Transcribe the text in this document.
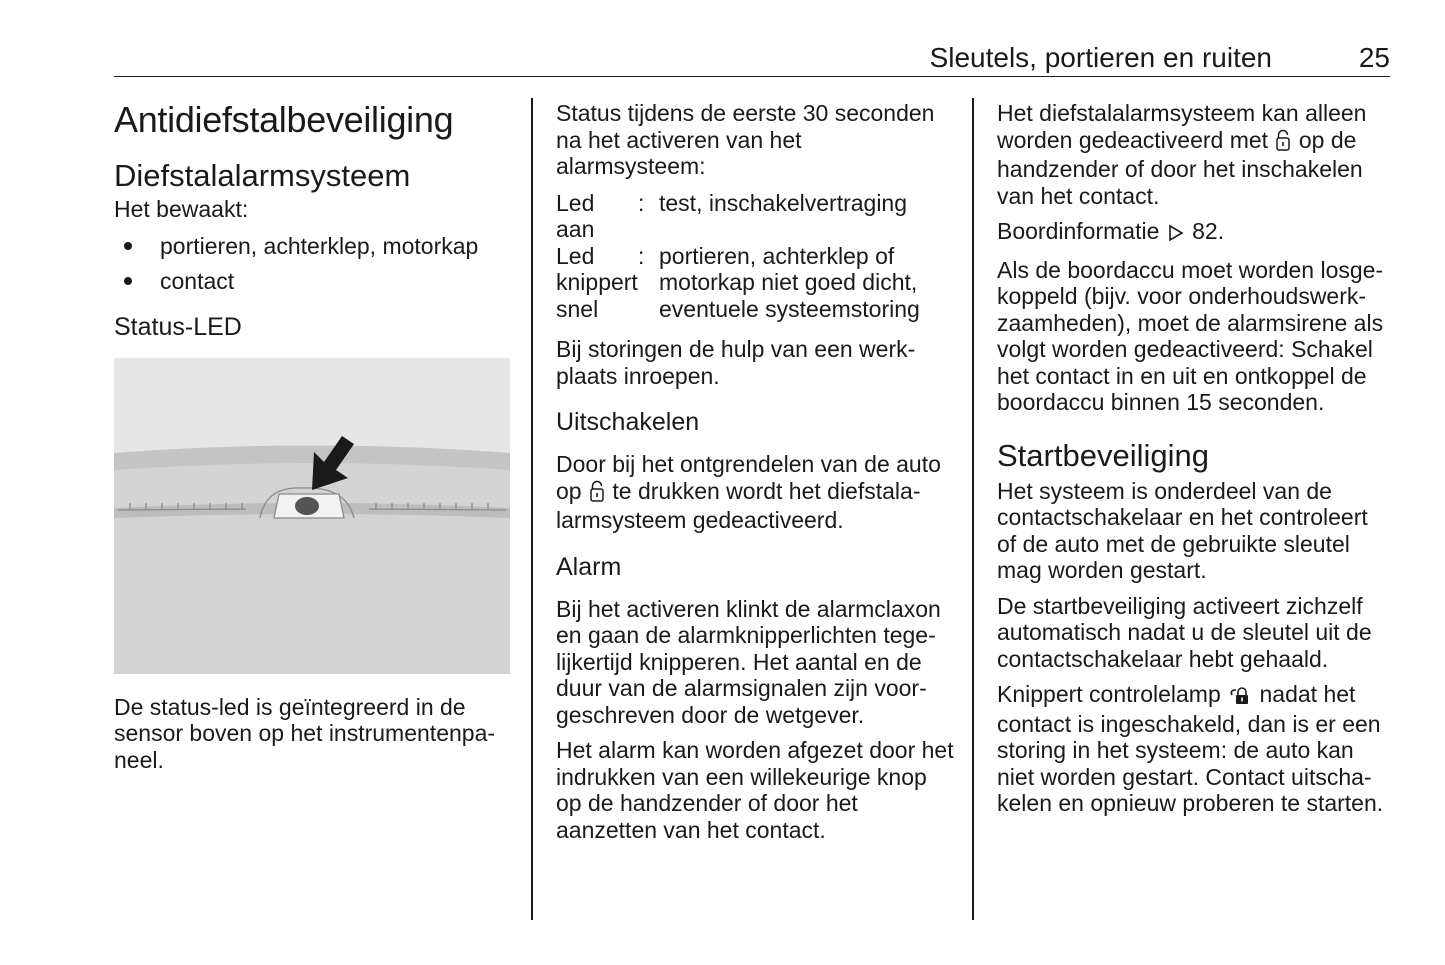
Sleutels, portieren en ruiten	25
Antidiefstalbeveiliging
Diefstalalarmsysteem

Het bewaakt:

portieren, achterklep, motorkap
contact
Status-LED

De status-led is geïntegreerd in de sensor boven op het instrumentenpaneel.

Status tijdens de eerste 30 seconden na het activeren van het alarmsysteem:

Led aan	:	test, inschakelvertraging
Led knippert snel	:	portieren, achterklep of motorkap niet goed dicht, eventuele systeemstoring

Bij storingen de hulp van een werkplaats inroepen.

Uitschakelen

Door bij het ontgrendelen van de auto op te drukken wordt het diefstalalarmsysteem gedeactiveerd.

Alarm

Bij het activeren klinkt de alarmclaxon en gaan de alarmknipperlichten tegelijkertijd knipperen. Het aantal en de duur van de alarmsignalen zijn voorgeschreven door de wetgever.

Het alarm kan worden afgezet door het indrukken van een willekeurige knop op de handzender of door het aanzetten van het contact.

Het diefstalalarmsysteem kan alleen worden gedeactiveerd met op de handzender of door het inschakelen van het contact.

Boordinformatie 82.

Als de boordaccu moet worden losgekoppeld (bijv. voor onderhoudswerkzaamheden), moet de alarmsirene als volgt worden gedeactiveerd: Schakel het contact in en uit en ontkoppel de boordaccu binnen 15 seconden.

Startbeveiliging

Het systeem is onderdeel van de contactschakelaar en het controleert of de auto met de gebruikte sleutel mag worden gestart.

De startbeveiliging activeert zichzelf automatisch nadat u de sleutel uit de contactschakelaar hebt gehaald.

Knippert controlelamp nadat het contact is ingeschakeld, dan is er een storing in het systeem: de auto kan niet worden gestart. Contact uitschakelen en opnieuw proberen te starten.
